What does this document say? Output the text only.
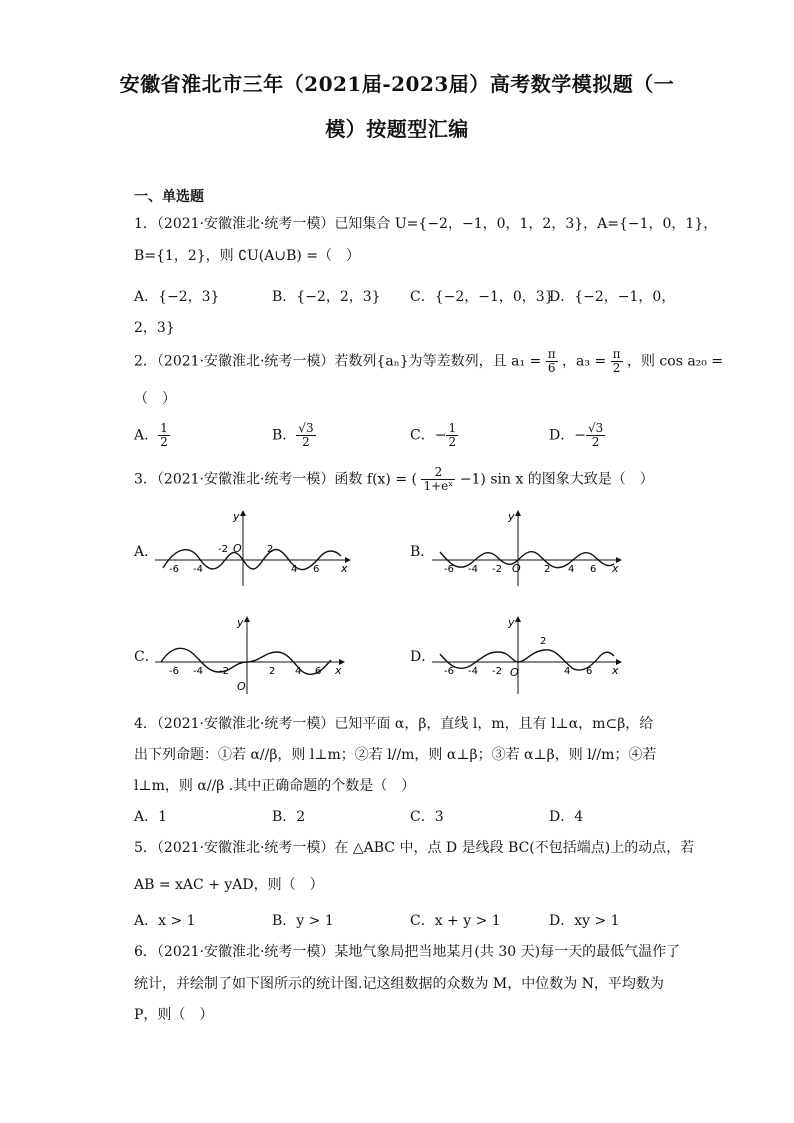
安徽省淮北市三年（2021届-2023届）高考数学模拟题（一
模）按题型汇编
一、单选题
1．（2021·安徽淮北·统考一模）已知集合 U={−2，−1，0，1，2，3}，A={−1，0，1}，
B={1，2}，则 ∁U(A∪B) =（　）
A．{−2，3}	B．{−2，2，3} C．{−2，−1，0，3}
D．{−2，−1，0，
2，3}
2．（2021·安徽淮北·统考一模）若数列{aₙ}为等差数列，且 $a_1 = \frac{\pi}{6}$ ，$a_3 = \frac{\pi}{2}$ ，则 cos a₂₀ =
（　）
A． $\frac{1}{2}$	B． $\frac{√3}{2}$	C．− $\frac{1}{2}$	D．− $\frac{√3}{2}$
3．（2021·安徽淮北·统考一模）函数 f(x) = ( $\frac{2}{\text{1+eˣ}} -1$) sin x 的图象大致是（　）
A．	B．
C．	D．
x
y
O
-6 -4
-2	2
4 6	x
y
O
-6 -4 -2	2 4 6
x
y
O
-6 -4 -2	2 4 6	x
y
O
-6 -4 -2
2
4 6
4．（2021·安徽淮北·统考一模）已知平面 α，β，直线 l，m，且有 l⊥α，m⊂β，给
出下列命题：①若 α//β，则 l⊥m；②若 l//m，则 α⊥β；③若 α⊥β，则 l//m；④若
l⊥m，则 α//β .其中正确命题的个数是（　）
A．1	B．2	C．3	D．4
5．（2021·安徽淮北·统考一模）在 △ABC 中，点 D 是线段 BC(不包括端点)上的动点，若
AB = xAC + yAD，则（　）
A．x > 1	B．y > 1	C．x + y > 1	D．xy > 1
6．（2021·安徽淮北·统考一模）某地气象局把当地某月(共 30 天)每一天的最低气温作了
统计，并绘制了如下图所示的统计图.记这组数据的众数为 M，中位数为 N，平均数为
P，则（　）
